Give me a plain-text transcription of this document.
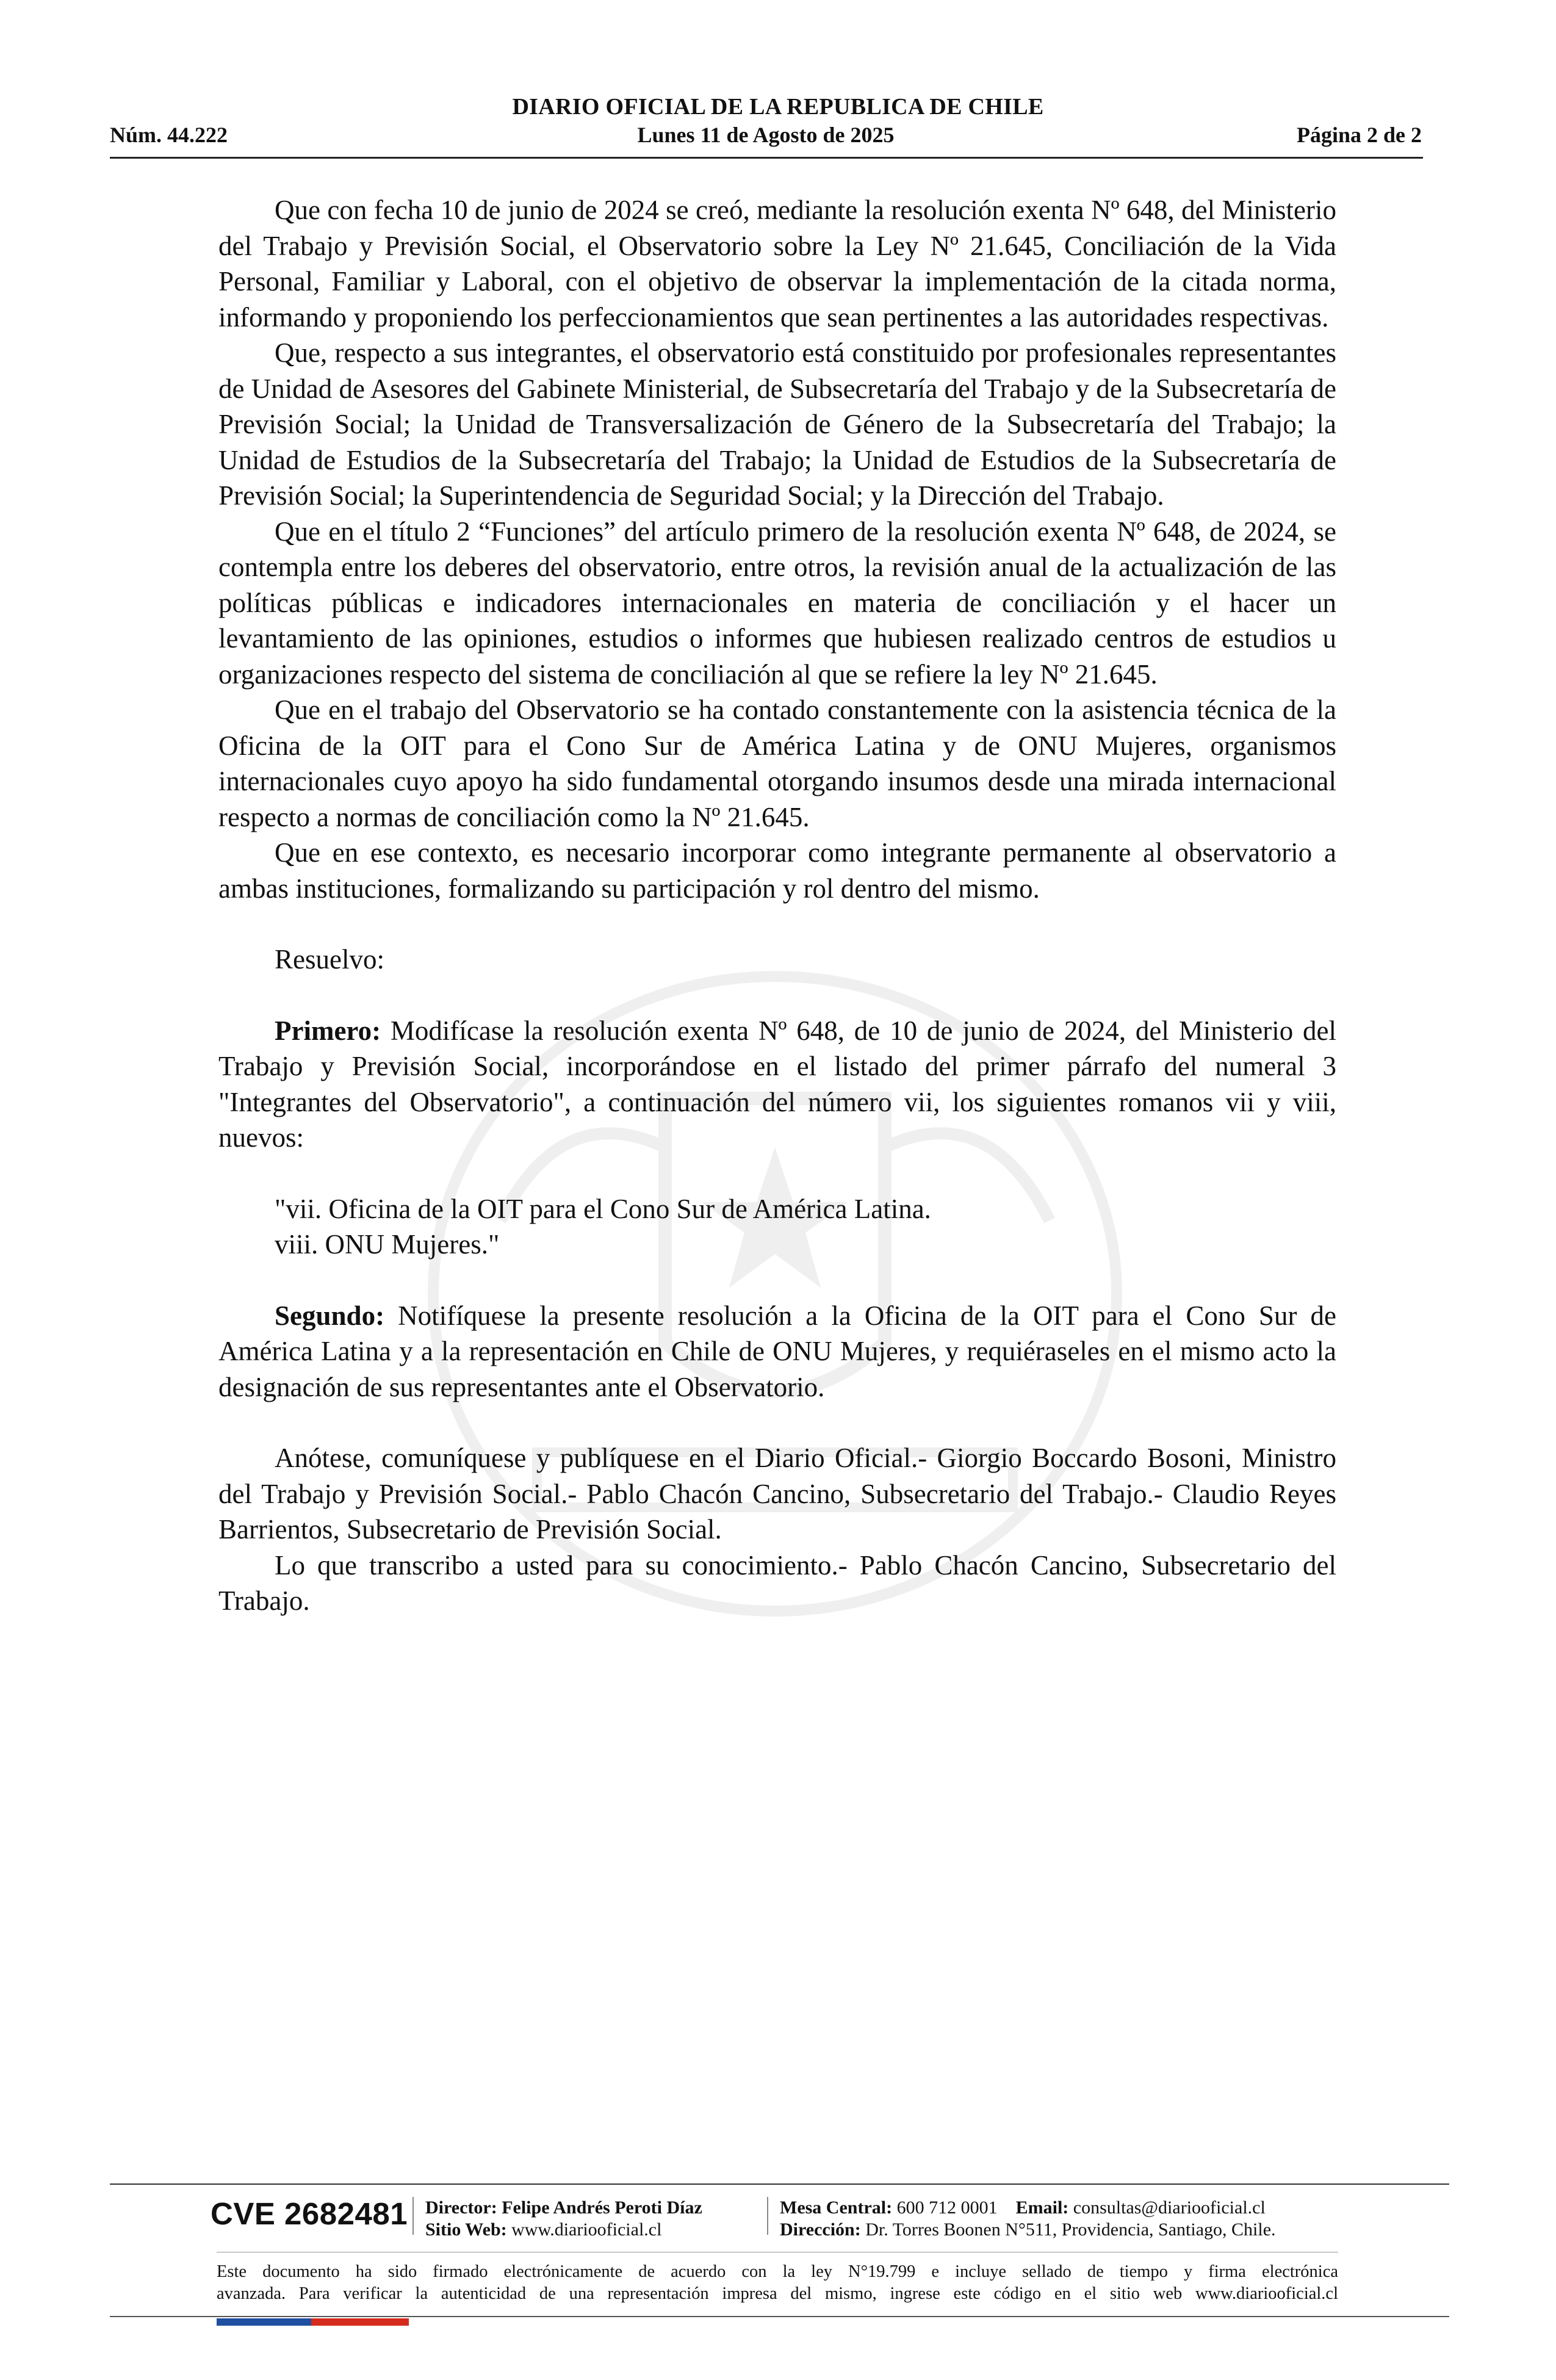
DIARIO OFICIAL DE LA REPUBLICA DE CHILE
Núm. 44.222	Lunes 11 de Agosto de 2025	Página 2 de 2

Que con fecha 10 de junio de 2024 se creó, mediante la resolución exenta Nº 648, del Ministerio del Trabajo y Previsión Social, el Observatorio sobre la Ley Nº 21.645, Conciliación de la Vida Personal, Familiar y Laboral, con el objetivo de observar la implementación de la citada norma, informando y proponiendo los perfeccionamientos que sean pertinentes a las autoridades respectivas.

Que, respecto a sus integrantes, el observatorio está constituido por profesionales representantes de Unidad de Asesores del Gabinete Ministerial, de Subsecretaría del Trabajo y de la Subsecretaría de Previsión Social; la Unidad de Transversalización de Género de la Subsecretaría del Trabajo; la Unidad de Estudios de la Subsecretaría del Trabajo; la Unidad de Estudios de la Subsecretaría de Previsión Social; la Superintendencia de Seguridad Social; y la Dirección del Trabajo.

Que en el título 2 “Funciones” del artículo primero de la resolución exenta Nº 648, de 2024, se contempla entre los deberes del observatorio, entre otros, la revisión anual de la actualización de las políticas públicas e indicadores internacionales en materia de conciliación y el hacer un levantamiento de las opiniones, estudios o informes que hubiesen realizado centros de estudios u organizaciones respecto del sistema de conciliación al que se refiere la ley Nº 21.645.

Que en el trabajo del Observatorio se ha contado constantemente con la asistencia técnica de la Oficina de la OIT para el Cono Sur de América Latina y de ONU Mujeres, organismos internacionales cuyo apoyo ha sido fundamental otorgando insumos desde una mirada internacional respecto a normas de conciliación como la Nº 21.645.

Que en ese contexto, es necesario incorporar como integrante permanente al observatorio a ambas instituciones, formalizando su participación y rol dentro del mismo.

Resuelvo:

Primero: Modifícase la resolución exenta Nº 648, de 10 de junio de 2024, del Ministerio del Trabajo y Previsión Social, incorporándose en el listado del primer párrafo del numeral 3 "Integrantes del Observatorio", a continuación del número vii, los siguientes romanos vii y viii, nuevos:

"vii. Oficina de la OIT para el Cono Sur de América Latina.

viii. ONU Mujeres."

Segundo: Notifíquese la presente resolución a la Oficina de la OIT para el Cono Sur de América Latina y a la representación en Chile de ONU Mujeres, y requiéraseles en el mismo acto la designación de sus representantes ante el Observatorio.

Anótese, comuníquese y publíquese en el Diario Oficial.- Giorgio Boccardo Bosoni, Ministro del Trabajo y Previsión Social.- Pablo Chacón Cancino, Subsecretario del Trabajo.- Claudio Reyes Barrientos, Subsecretario de Previsión Social.

Lo que transcribo a usted para su conocimiento.- Pablo Chacón Cancino, Subsecretario del Trabajo.

CVE 2682481 Director: Felipe Andrés Peroti Díaz
Sitio Web: www.diariooficial.cl
Mesa Central: 600 712 0001 Email: consultas@diariooficial.cl
Dirección: Dr. Torres Boonen N°511, Providencia, Santiago, Chile.
Este documento ha sido firmado electrónicamente de acuerdo con la ley N°19.799 e incluye sellado de tiempo y firma electrónica
avanzada. Para verificar la autenticidad de una representación impresa del mismo, ingrese este código en el sitio web www.diariooficial.cl
